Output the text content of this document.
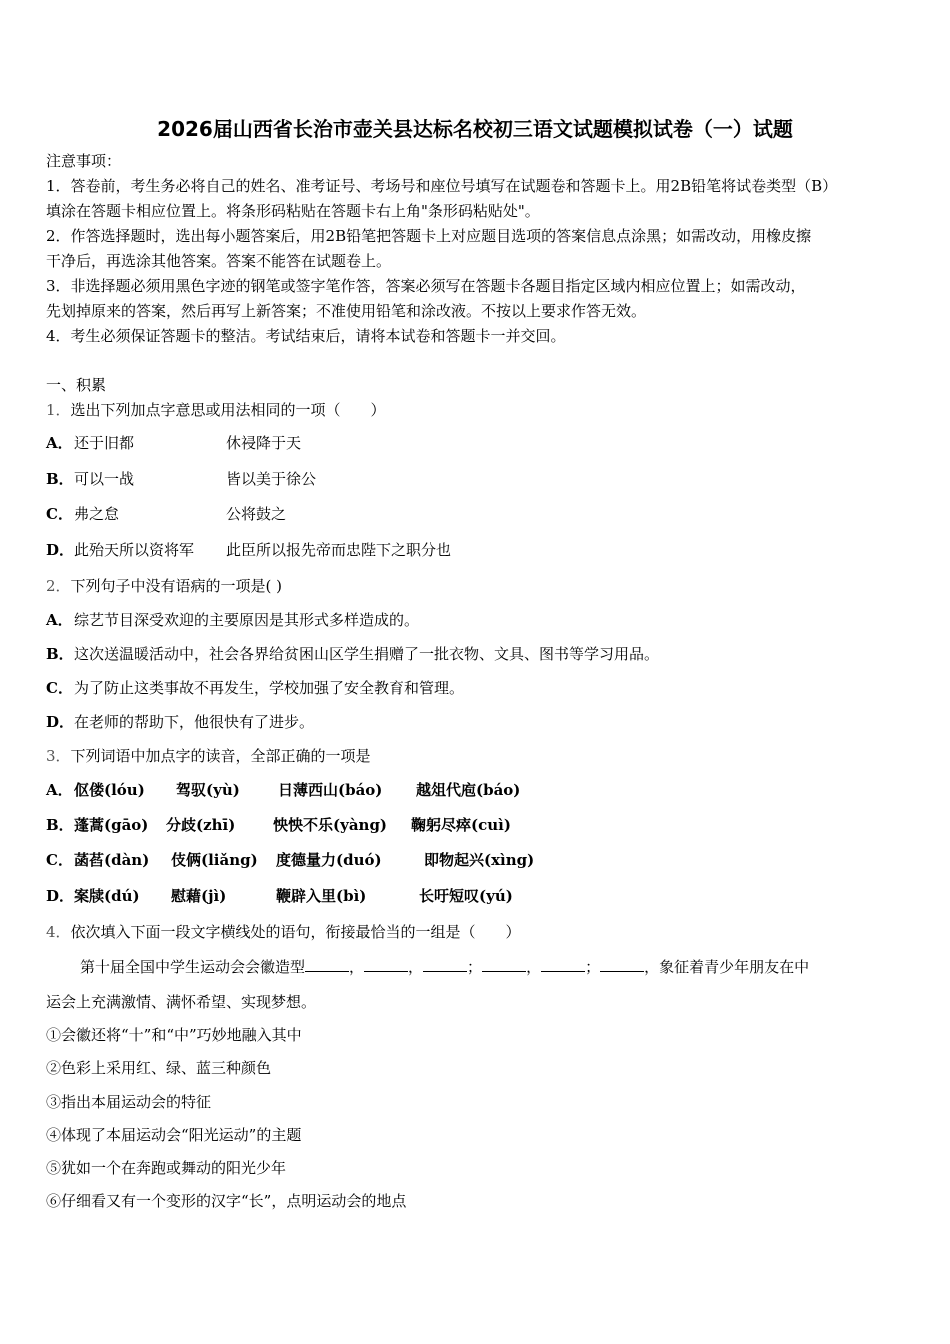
2026届山西省长治市壶关县达标名校初三语文试题模拟试卷（一）试题
注意事项：
1．答卷前，考生务必将自己的姓名、准考证号、考场号和座位号填写在试题卷和答题卡上。用2B铅笔将试卷类型（B）
填涂在答题卡相应位置上。将条形码粘贴在答题卡右上角"条形码粘贴处"。
2．作答选择题时，选出每小题答案后，用2B铅笔把答题卡上对应题目选项的答案信息点涂黑；如需改动，用橡皮擦
干净后，再选涂其他答案。答案不能答在试题卷上。
3．非选择题必须用黑色字迹的钢笔或签字笔作答，答案必须写在答题卡各题目指定区域内相应位置上；如需改动，
先划掉原来的答案，然后再写上新答案；不准使用铅笔和涂改液。不按以上要求作答无效。
4．考生必须保证答题卡的整洁。考试结束后，请将本试卷和答题卡一并交回。
一、积累
1．选出下列加点字意思或用法相同的一项（　　）
A．还于旧都	休祲降于天
B．可以一战	皆以美于徐公
C．弗之怠	公将鼓之
D．此殆天所以资将军 此臣所以报先帝而忠陛下之职分也
2．下列句子中没有语病的一项是( )
A．综艺节目深受欢迎的主要原因是其形式多样造成的。
B．这次送温暖活动中，社会各界给贫困山区学生捐赠了一批衣物、文具、图书等学习用品。
C．为了防止这类事故不再发生，学校加强了安全教育和管理。
D．在老师的帮助下，他很快有了进步。
3．下列词语中加点字的读音，全部正确的一项是
A．伛偻(lóu) 驾驭(yù)	日薄西山(báo) 越俎代庖(báo)
B．蓬蒿(gāo) 分歧(zhī)	怏怏不乐(yàng) 鞠躬尽瘁(cuì)
C．菡萏(dàn) 伎俩(liǎng) 度德量力(duó)	即物起兴(xìng)
D．案牍(dú) 慰藉(jì)	鞭辟入里(bì)	长吁短叹(yú)
4．依次填入下面一段文字横线处的语句，衔接最恰当的一组是（　　）
第十届全国中学生运动会会徽造型	，	，	；	，	；	，象征着青少年朋友在中
运会上充满激情、满怀希望、实现梦想。
①会徽还将“十”和“中”巧妙地融入其中
②色彩上采用红、绿、蓝三种颜色
③指出本届运动会的特征
④体现了本届运动会“阳光运动”的主题
⑤犹如一个在奔跑或舞动的阳光少年
⑥仔细看又有一个变形的汉字“长”，点明运动会的地点
